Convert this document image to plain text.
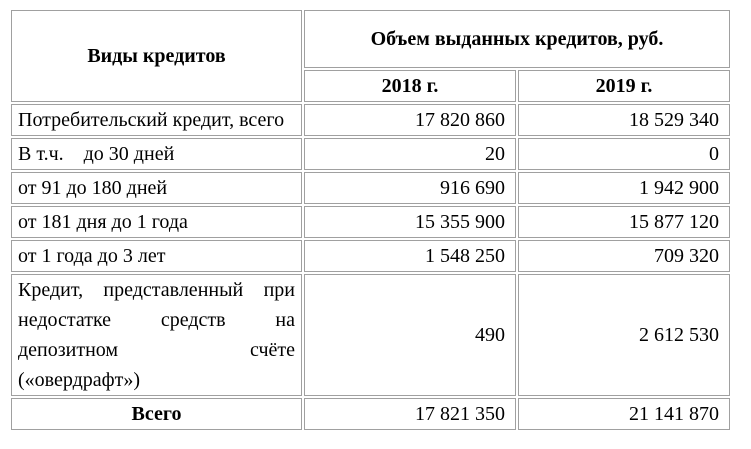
Виды кредитов	Объем выданных кредитов, руб.	
	2018 г.	2019 г.
Потребительский кредит, всего	17 820 860	18 529 340
В т.ч.    до 30 дней	20	0
от 91 до 180 дней	916 690	1 942 900
от 181 дня до 1 года	15 355 900	15 877 120
от 1 года до 3 лет	1 548 250	709 320
Кредит, представленный при недостатке средств на депозитном счёте («овердрафт»)	490	2 612 530
Всего	17 821 350	21 141 870
